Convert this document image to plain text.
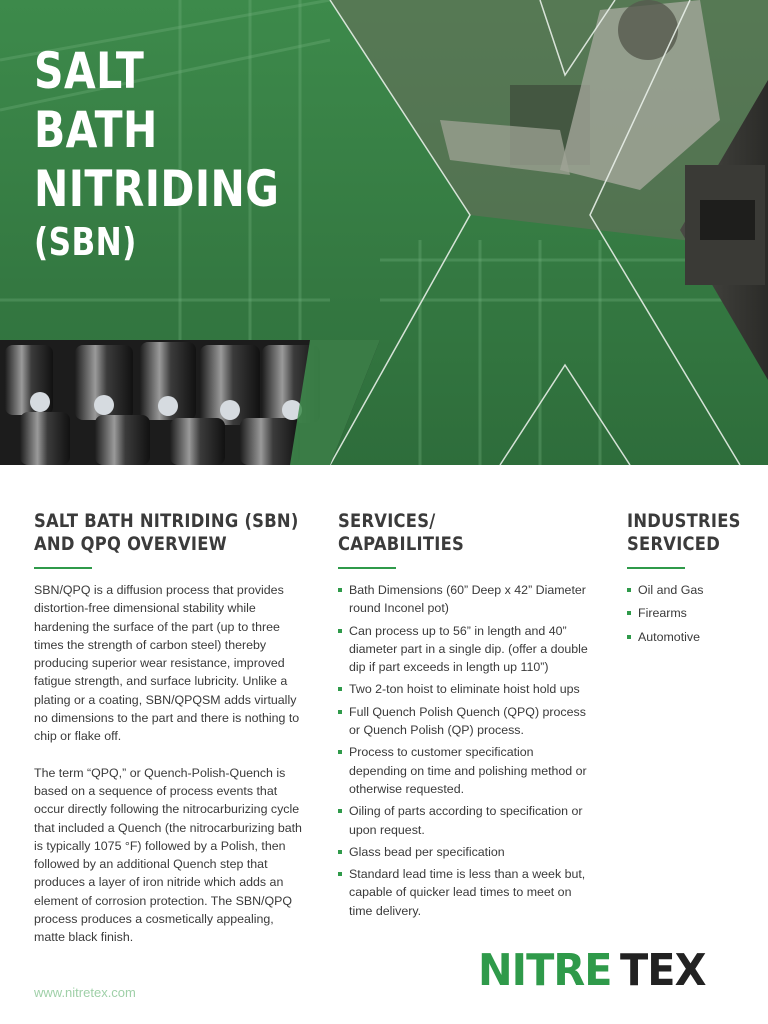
SALT
BATH
NITRIDING
(SBN)
SALT BATH NITRIDING (SBN)
AND QPQ OVERVIEW

SBN/QPQ is a diffusion process that provides distortion-free dimensional stability while hardening the surface of the part (up to three times the strength of carbon steel) thereby producing superior wear resistance, improved fatigue strength, and surface lubricity. Unlike a plating or a coating, SBN/QPQSM adds virtually no dimensions to the part and there is nothing to chip or flake off.

The term “QPQ,” or Quench-Polish-Quench is based on a sequence of process events that occur directly following the nitrocarburizing cycle that included a Quench (the nitrocarburizing bath is typically 1075 °F) followed by a Polish, then followed by an additional Quench step that produces a layer of iron nitride which adds an element of corrosion protection. The SBN/QPQ process produces a cosmetically appealing, matte black finish.

SERVICES/
CAPABILITIES
Bath Dimensions (60” Deep x 42” Diameter round Inconel pot)
Can process up to 56” in length and 40” diameter part in a single dip. (offer a double dip if part exceeds in length up 110”)
Two 2-ton hoist to eliminate hoist hold ups
Full Quench Polish Quench (QPQ) process or Quench Polish (QP) process.
Process to customer specification depending on time and polishing method or otherwise requested.
Oiling of parts according to specification or upon request.
Glass bead per specification
Standard lead time is less than a week but, capable of quicker lead times to meet on time delivery.
INDUSTRIES
SERVICED
Oil and Gas
Firearms
Automotive
www.nitretex.com	NITRE TEX
